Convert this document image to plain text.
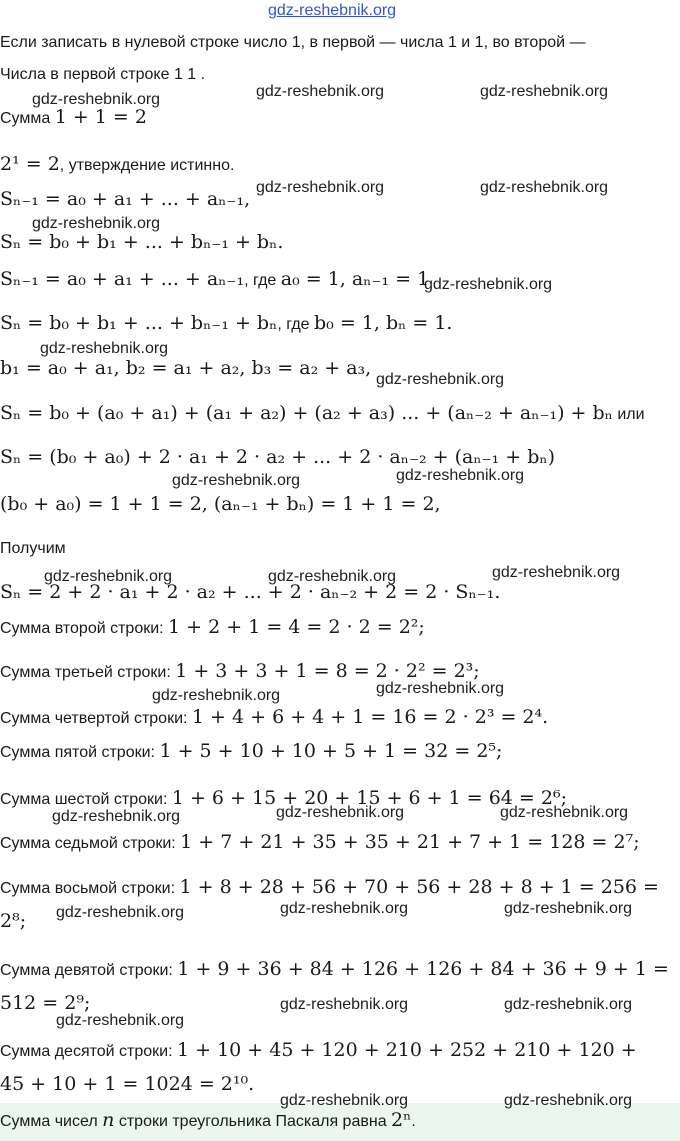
gdz-reshebnik.org
Если записать в нулевой строке число 1, в первой — числа 1 и 1, во второй —
Числа в первой строке 1 1 .
Сумма 1 + 1 = 2
2¹ = 2, утверждение истинно.
Sₙ₋₁ = a₀ + a₁ + ... + aₙ₋₁,
Sₙ = b₀ + b₁ + ... + bₙ₋₁ + bₙ.
Sₙ₋₁ = a₀ + a₁ + ... + aₙ₋₁, где a₀ = 1, aₙ₋₁ = 1
Sₙ = b₀ + b₁ + ... + bₙ₋₁ + bₙ, где b₀ = 1, bₙ = 1.
b₁ = a₀ + a₁, b₂ = a₁ + a₂, b₃ = a₂ + a₃,
Sₙ = b₀ + (a₀ + a₁) + (a₁ + a₂) + (a₂ + a₃) ... + (aₙ₋₂ + aₙ₋₁) + bₙ или
Sₙ = (b₀ + a₀) + 2 · a₁ + 2 · a₂ + ... + 2 · aₙ₋₂ + (aₙ₋₁ + bₙ)
(b₀ + a₀) = 1 + 1 = 2, (aₙ₋₁ + bₙ) = 1 + 1 = 2,
Получим
Sₙ = 2 + 2 · a₁ + 2 · a₂ + ... + 2 · aₙ₋₂ + 2 = 2 · Sₙ₋₁.
Сумма второй строки: 1 + 2 + 1 = 4 = 2 · 2 = 2²;
Сумма третьей строки: 1 + 3 + 3 + 1 = 8 = 2 · 2² = 2³;
Сумма четвертой строки: 1 + 4 + 6 + 4 + 1 = 16 = 2 · 2³ = 2⁴.
Сумма пятой строки: 1 + 5 + 10 + 10 + 5 + 1 = 32 = 2⁵;
Сумма шестой строки: 1 + 6 + 15 + 20 + 15 + 6 + 1 = 64 = 2⁶;
Сумма седьмой строки: 1 + 7 + 21 + 35 + 35 + 21 + 7 + 1 = 128 = 2⁷;
Сумма восьмой строки: 1 + 8 + 28 + 56 + 70 + 56 + 28 + 8 + 1 = 256 =
2⁸;
Сумма девятой строки: 1 + 9 + 36 + 84 + 126 + 126 + 84 + 36 + 9 + 1 =
512 = 2⁹;
Сумма десятой строки: 1 + 10 + 45 + 120 + 210 + 252 + 210 + 120 +
45 + 10 + 1 = 1024 = 2¹⁰.
Сумма чисел n строки треугольника Паскаля равна 2ⁿ.
gdz-reshebnik.org	gdz-reshebnik.org	gdz-reshebnik.org
gdz-reshebnik.org	gdz-reshebnik.org
gdz-reshebnik.org
gdz-reshebnik.org
gdz-reshebnik.org
gdz-reshebnik.org
gdz-reshebnik.org	gdz-reshebnik.org
gdz-reshebnik.org	gdz-reshebnik.org	gdz-reshebnik.org
gdz-reshebnik.org	gdz-reshebnik.org
gdz-reshebnik.org	gdz-reshebnik.org	gdz-reshebnik.org
gdz-reshebnik.org	gdz-reshebnik.org	gdz-reshebnik.org
gdz-reshebnik.org
gdz-reshebnik.org	gdz-reshebnik.org
gdz-reshebnik.org	gdz-reshebnik.org
